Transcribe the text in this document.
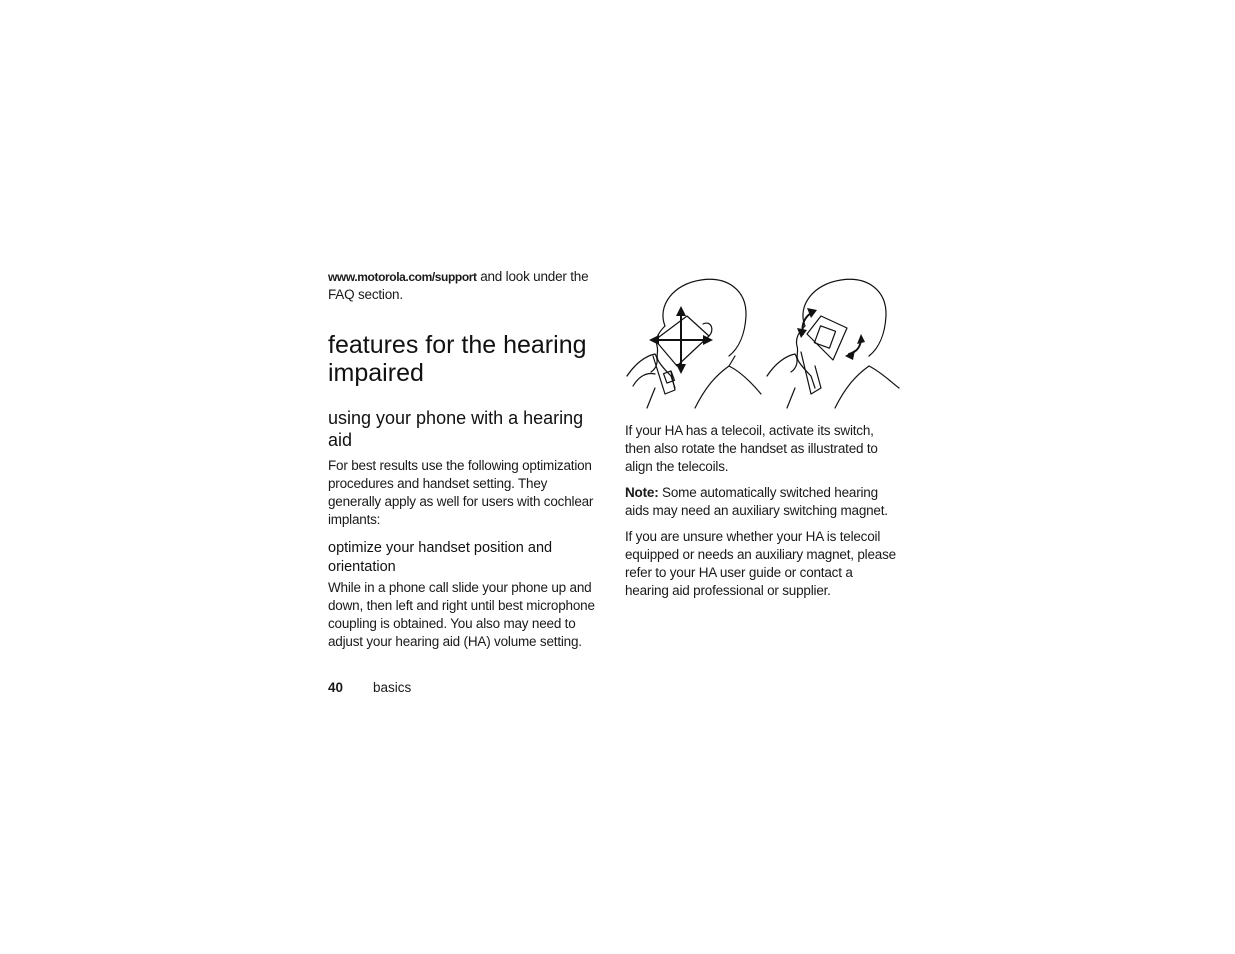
www.motorola.com/support and look under the FAQ section.

features for the hearing impaired
using your phone with a hearing aid

For best results use the following optimization procedures and handset setting. They generally apply as well for users with cochlear implants:

optimize your handset position and orientation

While in a phone call slide your phone up and down, then left and right until best microphone coupling is obtained. You also may need to adjust your hearing aid (HA) volume setting.

If your HA has a telecoil, activate its switch, then also rotate the handset as illustrated to align the telecoils.

Note: Some automatically switched hearing aids may need an auxiliary switching magnet.

If you are unsure whether your HA is telecoil equipped or needs an auxiliary magnet, please refer to your HA user guide or contact a hearing aid professional or supplier.

40 basics
